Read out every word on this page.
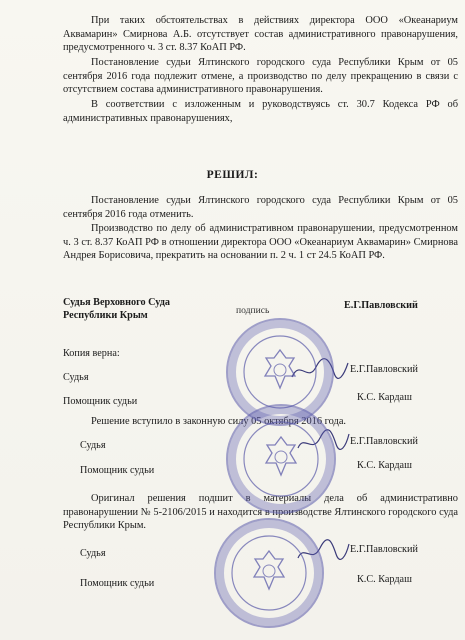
При таких обстоятельствах в действиях директора ООО «Океанариум Аквамарин» Смирнова А.Б. отсутствует состав административного правонарушения, предусмотренного ч. 3 ст. 8.37 КоАП РФ.

Постановление судьи Ялтинского городского суда Республики Крым от 05 сентября 2016 года подлежит отмене, а производство по делу прекращению в связи с отсутствием состава административного правонарушения.

В соответствии с изложенным и руководствуясь ст. 30.7 Кодекса РФ об административных правонарушениях,

РЕШИЛ:

Постановление судьи Ялтинского городского суда Республики Крым от 05 сентября 2016 года отменить.

Производство по делу об административном правонарушении, предусмотренном ч. 3 ст. 8.37 КоАП РФ в отношении директора ООО «Океанариум Аквамарин» Смирнова Андрея Борисовича, прекратить на основании п. 2 ч. 1 ст 24.5 КоАП РФ.

Судья Верховного Суда
Республики Крым	подпись	Е.Г.Павловский
Копия верна:
Судья
Е.Г.Павловский
Помощник судьи	К.С. Кардаш

Решение вступило в законную силу 05 октября 2016 года.

Судья	Е.Г.Павловский
Помощник судьи	К.С. Кардаш

Оригинал решения подшит в материалы дела об административно правонарушении № 5-2106/2015 и находится в производстве Ялтинского городского суда Республики Крым.

Судья	Е.Г.Павловский
Помощник судьи	К.С. Кардаш
